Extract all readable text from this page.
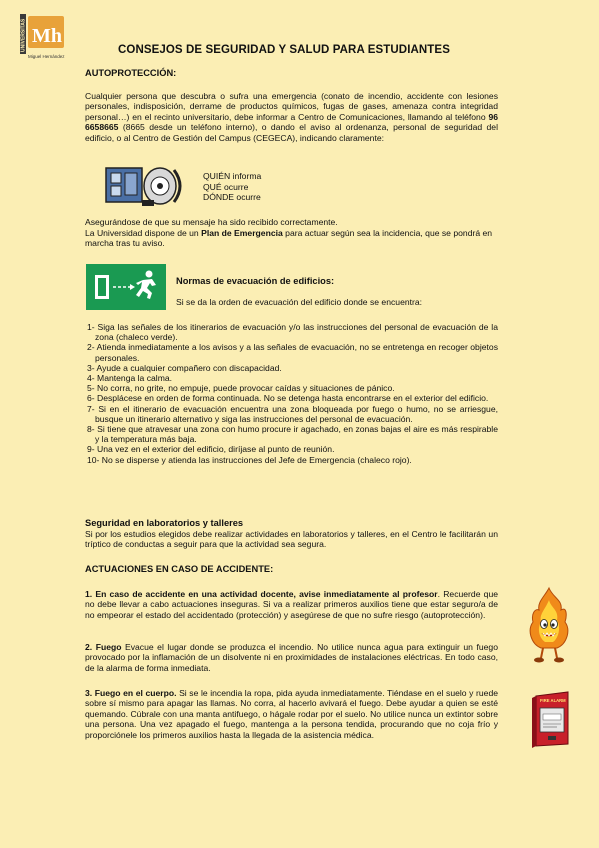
UNIVERSITAS Mh
Miguel Hernández
CONSEJOS DE SEGURIDAD Y SALUD PARA ESTUDIANTES
AUTOPROTECCIÓN:
Cualquier persona que descubra o sufra una emergencia (conato de incendio, accidente con lesiones personales, indisposición, derrame de productos químicos, fugas de gases, amenaza contra integridad personal…) en el recinto universitario, debe informar a Centro de Comunicaciones, llamando al teléfono 96 6658665 (8665 desde un teléfono interno), o dando el aviso al ordenanza, personal de seguridad del edificio, o al Centro de Gestión del Campus (CEGECA), indicando claramente:
QUIÉN informa
QUÉ ocurre
DÓNDE ocurre
Asegurándose de que su mensaje ha sido recibido correctamente.
La Universidad dispone de un Plan de Emergencia para actuar según sea la incidencia, que se pondrá en marcha tras tu aviso.
Normas de evacuación de edificios:
Si se da la orden de evacuación del edificio donde se encuentra:
1- Siga las señales de los itinerarios de evacuación y/o las instrucciones del personal de evacuación de la zona (chaleco verde).
2- Atienda inmediatamente a los avisos y a las señales de evacuación, no se entretenga en recoger objetos personales.
3- Ayude a cualquier compañero con discapacidad.
4- Mantenga la calma.
5- No corra, no grite, no empuje, puede provocar caídas y situaciones de pánico.
6- Desplácese en orden de forma continuada. No se detenga hasta encontrarse en el exterior del edificio.
7- Si en el itinerario de evacuación encuentra una zona bloqueada por fuego o humo, no se arriesgue, busque un itinerario alternativo y siga las instrucciones del personal de evacuación.
8- Si tiene que atravesar una zona con humo procure ir agachado, en zonas bajas el aire es más respirable y la temperatura más baja.
9- Una vez en el exterior del edificio, diríjase al punto de reunión.
10- No se disperse y atienda las instrucciones del Jefe de Emergencia (chaleco rojo).
Seguridad en laboratorios y talleres
Si por los estudios elegidos debe realizar actividades en laboratorios y talleres, en el Centro le facilitarán un tríptico de conductas a seguir para que la actividad sea segura.
ACTUACIONES EN CASO DE ACCIDENTE:
1. En caso de accidente en una actividad docente, avise inmediatamente al profesor. Recuerde que no debe llevar a cabo actuaciones inseguras. Si va a realizar primeros auxilios tiene que estar seguro/a de no empeorar el estado del accidentado (protección) y asegúrese de que no sufre riesgo (autoprotección).
2. Fuego Evacue el lugar donde se produzca el incendio. No utilice nunca agua para extinguir un fuego provocado por la inflamación de un disolvente ni en proximidades de instalaciones eléctricas. En todo caso, de la alarma de forma inmediata.
3. Fuego en el cuerpo. Si se le incendia la ropa, pida ayuda inmediatamente. Tiéndase en el suelo y ruede sobre sí mismo para apagar las llamas. No corra, al hacerlo avivará el fuego. Debe ayudar a quien se esté quemando. Cúbrale con una manta antifuego, o hágale rodar por el suelo. No utilice nunca un extintor sobre una persona. Una vez apagado el fuego, mantenga a la persona tendida, procurando que no coja frío y proporciónele los primeros auxilios hasta la llegada de la asistencia médica.
FIRE ALARM
